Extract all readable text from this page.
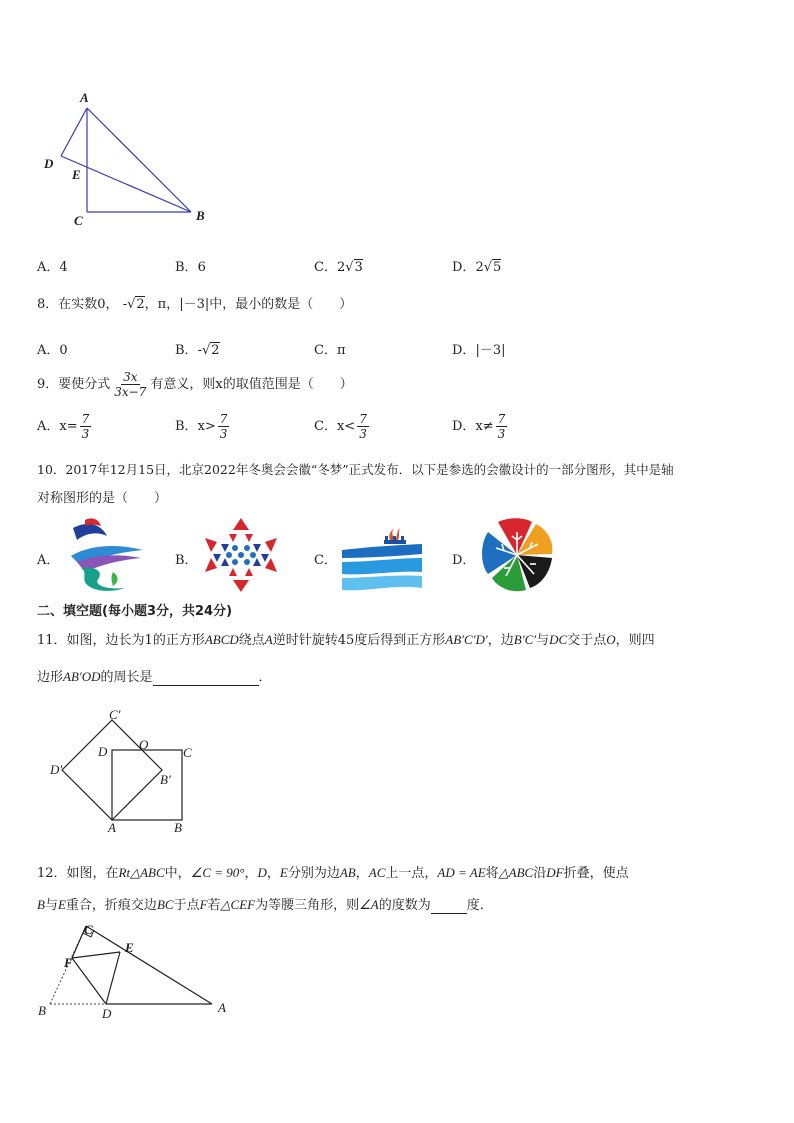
A
D
E
C	B
A．4	B．6	C．2√3	D．2√5
8．在实数0， -√2，π，|－3|中，最小的数是（　　）
A．0	B．-√2	C．π	D．|－3|
9．要使分式 $\frac{3x}{3x-7}$ 有意义，则x的取值范围是（　　）
A． $x= \frac{7}{3}$	B． $x> \frac{7}{3}$	C． $x< \frac{7}{3}$	D． $x\ne \frac{7}{3}$
10．2017年12月15日，北京2022年冬奥会会徽“冬梦”正式发布．以下是参选的会徽设计的一部分图形，其中是轴
对称图形的是（　　）
A．	B．	C．	D．
二、填空题(每小题3分，共24分)
11．如图，边长为1的正方形ABCD绕点A逆时针旋转45度后得到正方形AB′C′D′，边B′C′与DC交于点O，则四
边形AB′OD的周长是	．
C′
D O
C
D′
B′
A	B
12．如图，在Rt△ABC中，∠C = 90°，D，E分别为边AB，AC上一点，AD = AE将△ABC沿DF折叠，使点
B与E重合，折痕交边BC于点F若△CEF为等腰三角形，则∠A的度数为	度．
C
E
F
B	D	A
